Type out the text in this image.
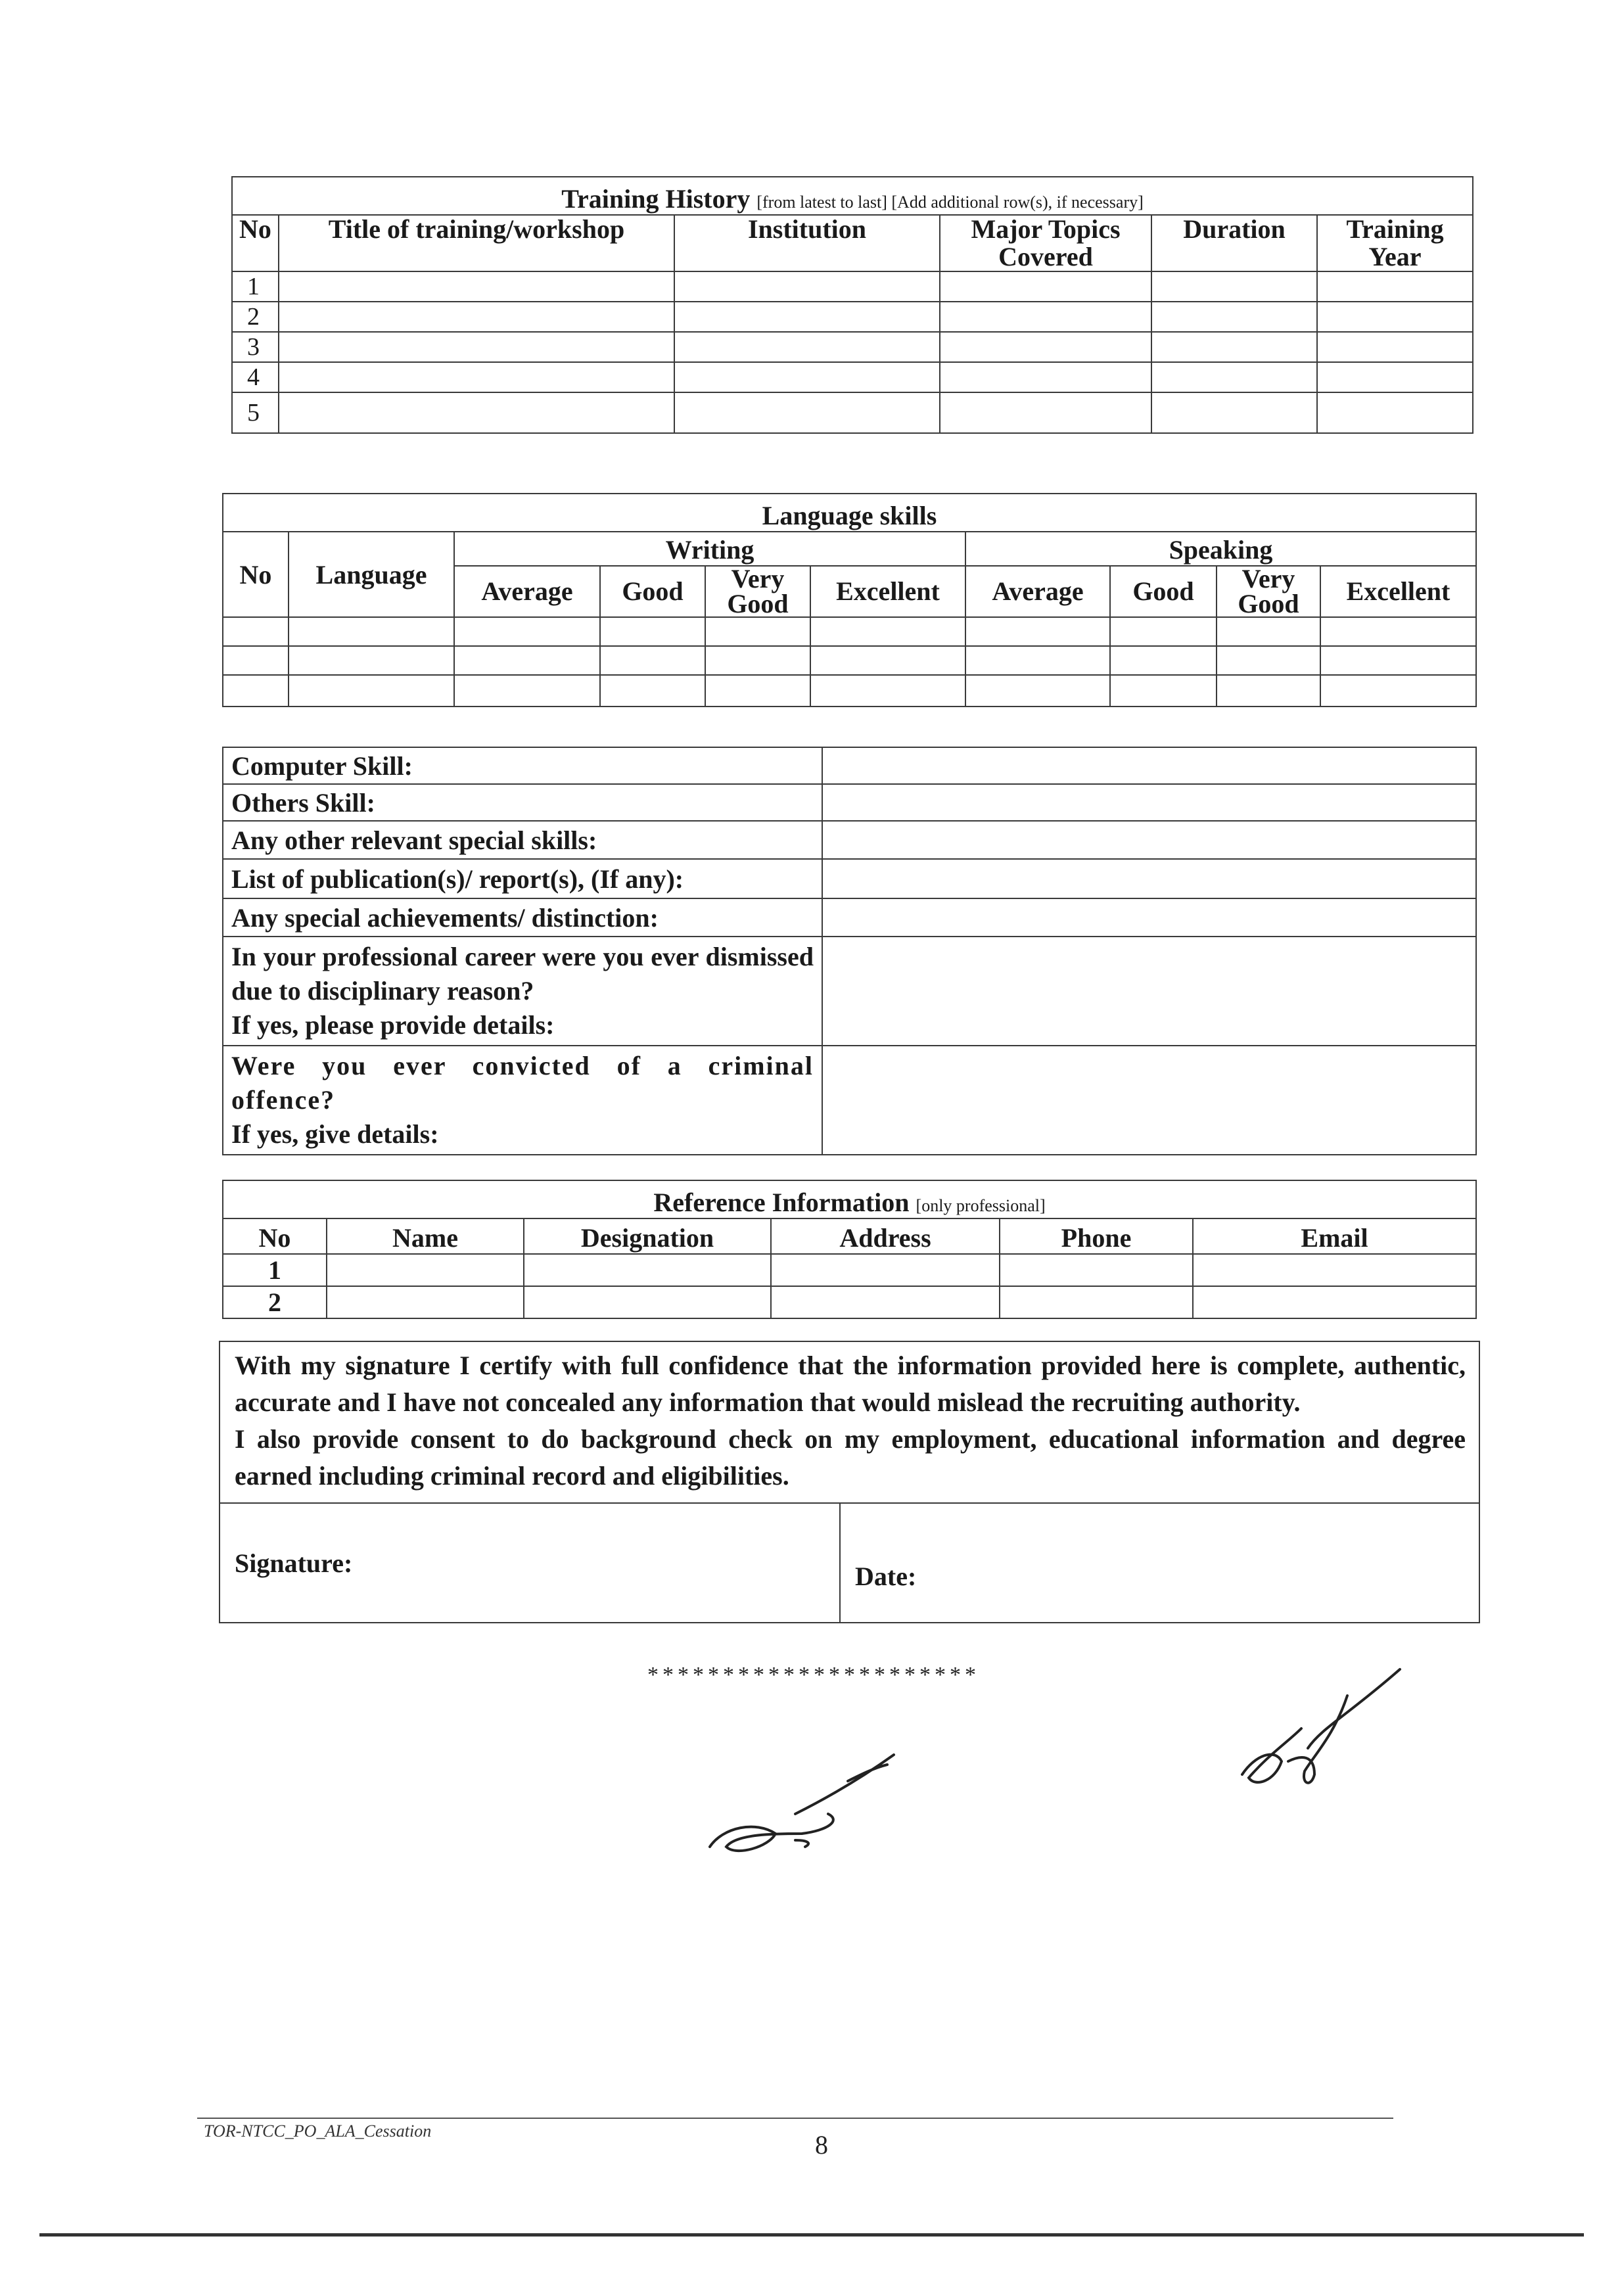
Training History [from latest to last] [Add additional row(s), if necessary]					
No	Title of training/workshop	Institution	Major Topics Covered	Duration	Training Year
1					
2					
3					
4					
5					
Language skills									
No	Language	Writing				Speaking			
		Average	Good	Very Good	Excellent	Average	Good	Very Good	Excellent

Computer Skill:	
Others Skill:	
Any other relevant special skills:	
List of publication(s)/ report(s), (If any):	
Any special achievements/ distinction:	

In your professional career were you ever dismissed due to disciplinary reason?
If yes, please provide details:	

Were you ever convicted of a criminal offence?
If yes, give details:	

Reference Information [only professional]					
No	Name	Designation	Address	Phone	Email
1					
2					
With my signature I certify with full confidence that the information provided here is complete, authentic, accurate and I have not concealed any information that would mislead the recruiting authority.
I also provide consent to do background check on my employment, educational information and degree earned including criminal record and eligibilities.

Signature:	Date:
**********************
TOR-NTCC_PO_ALA_Cessation	8
